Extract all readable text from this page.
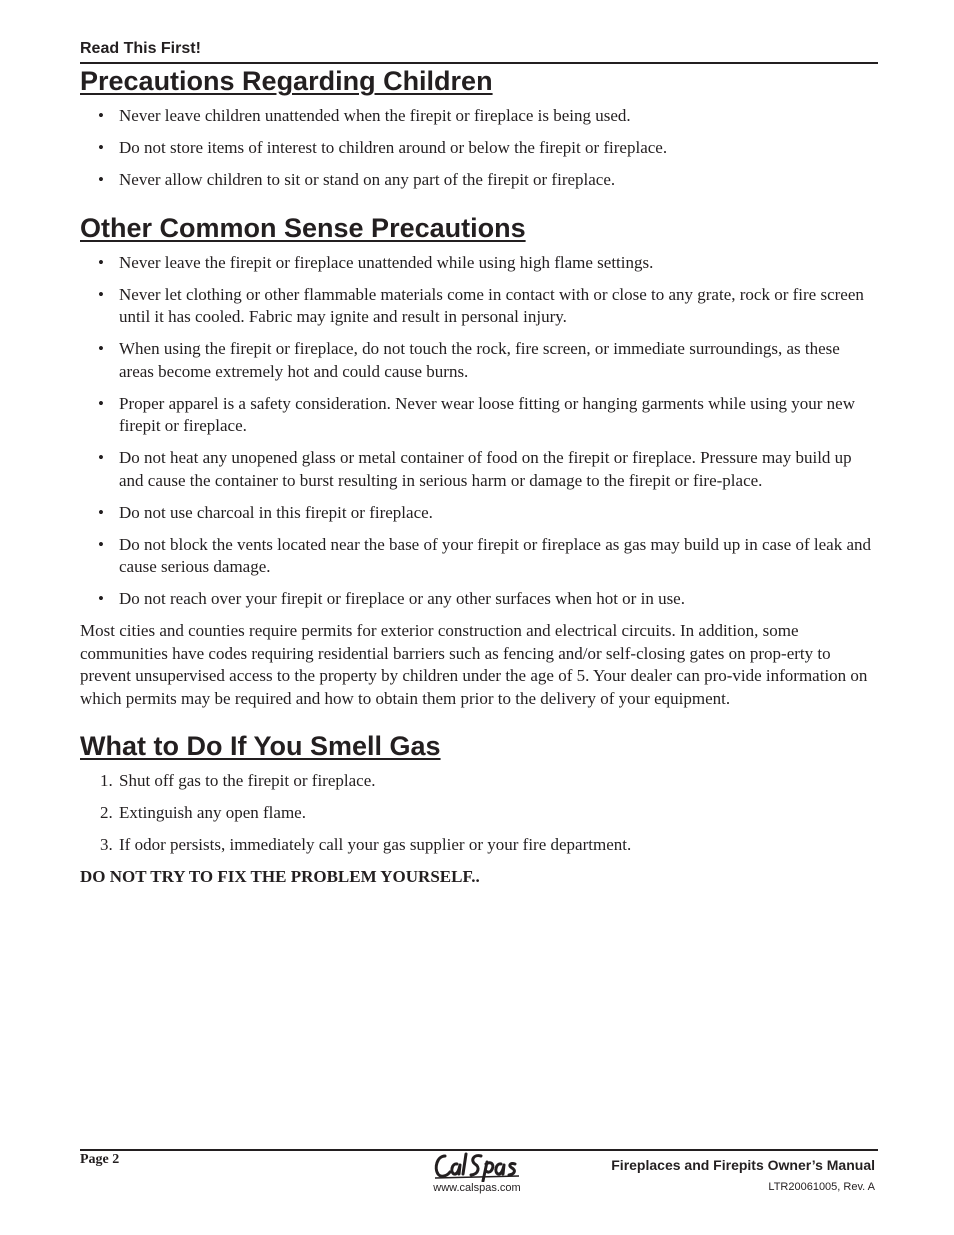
Read This First!
Precautions Regarding Children
• Never leave children unattended when the firepit or fireplace is being used.
• Do not store items of interest to children around or below the firepit or fireplace.
• Never allow children to sit or stand on any part of the firepit or fireplace.
Other Common Sense Precautions
• Never leave the firepit or fireplace unattended while using high flame settings.
• Never let clothing or other flammable materials come in contact with or close to any grate, rock or fire screen until it has cooled. Fabric may ignite and result in personal injury.
• When using the firepit or fireplace, do not touch the rock, fire screen, or immediate surroundings, as these areas become extremely hot and could cause burns.
• Proper apparel is a safety consideration. Never wear loose fitting or hanging garments while using your new firepit or fireplace.
• Do not heat any unopened glass or metal container of food on the firepit or fireplace. Pressure may build up and cause the container to burst resulting in serious harm or damage to the firepit or fire-place.
• Do not use charcoal in this firepit or fireplace.
• Do not block the vents located near the base of your firepit or fireplace as gas may build up in case of leak and cause serious damage.
• Do not reach over your firepit or fireplace or any other surfaces when hot or in use.

Most cities and counties require permits for exterior construction and electrical circuits. In addition, some communities have codes requiring residential barriers such as fencing and/or self-closing gates on prop-erty to prevent unsupervised access to the property by children under the age of 5. Your dealer can pro-vide information on which permits may be required and how to obtain them prior to the delivery of your equipment.

What to Do If You Smell Gas
1. Shut off gas to the firepit or fireplace.
2. Extinguish any open flame.
3. If odor persists, immediately call your gas supplier or your fire department.

DO NOT TRY TO FIX THE PROBLEM YOURSELF..

Page 2
www.calspas.com
Fireplaces and Firepits Owner’s Manual
LTR20061005, Rev. A
